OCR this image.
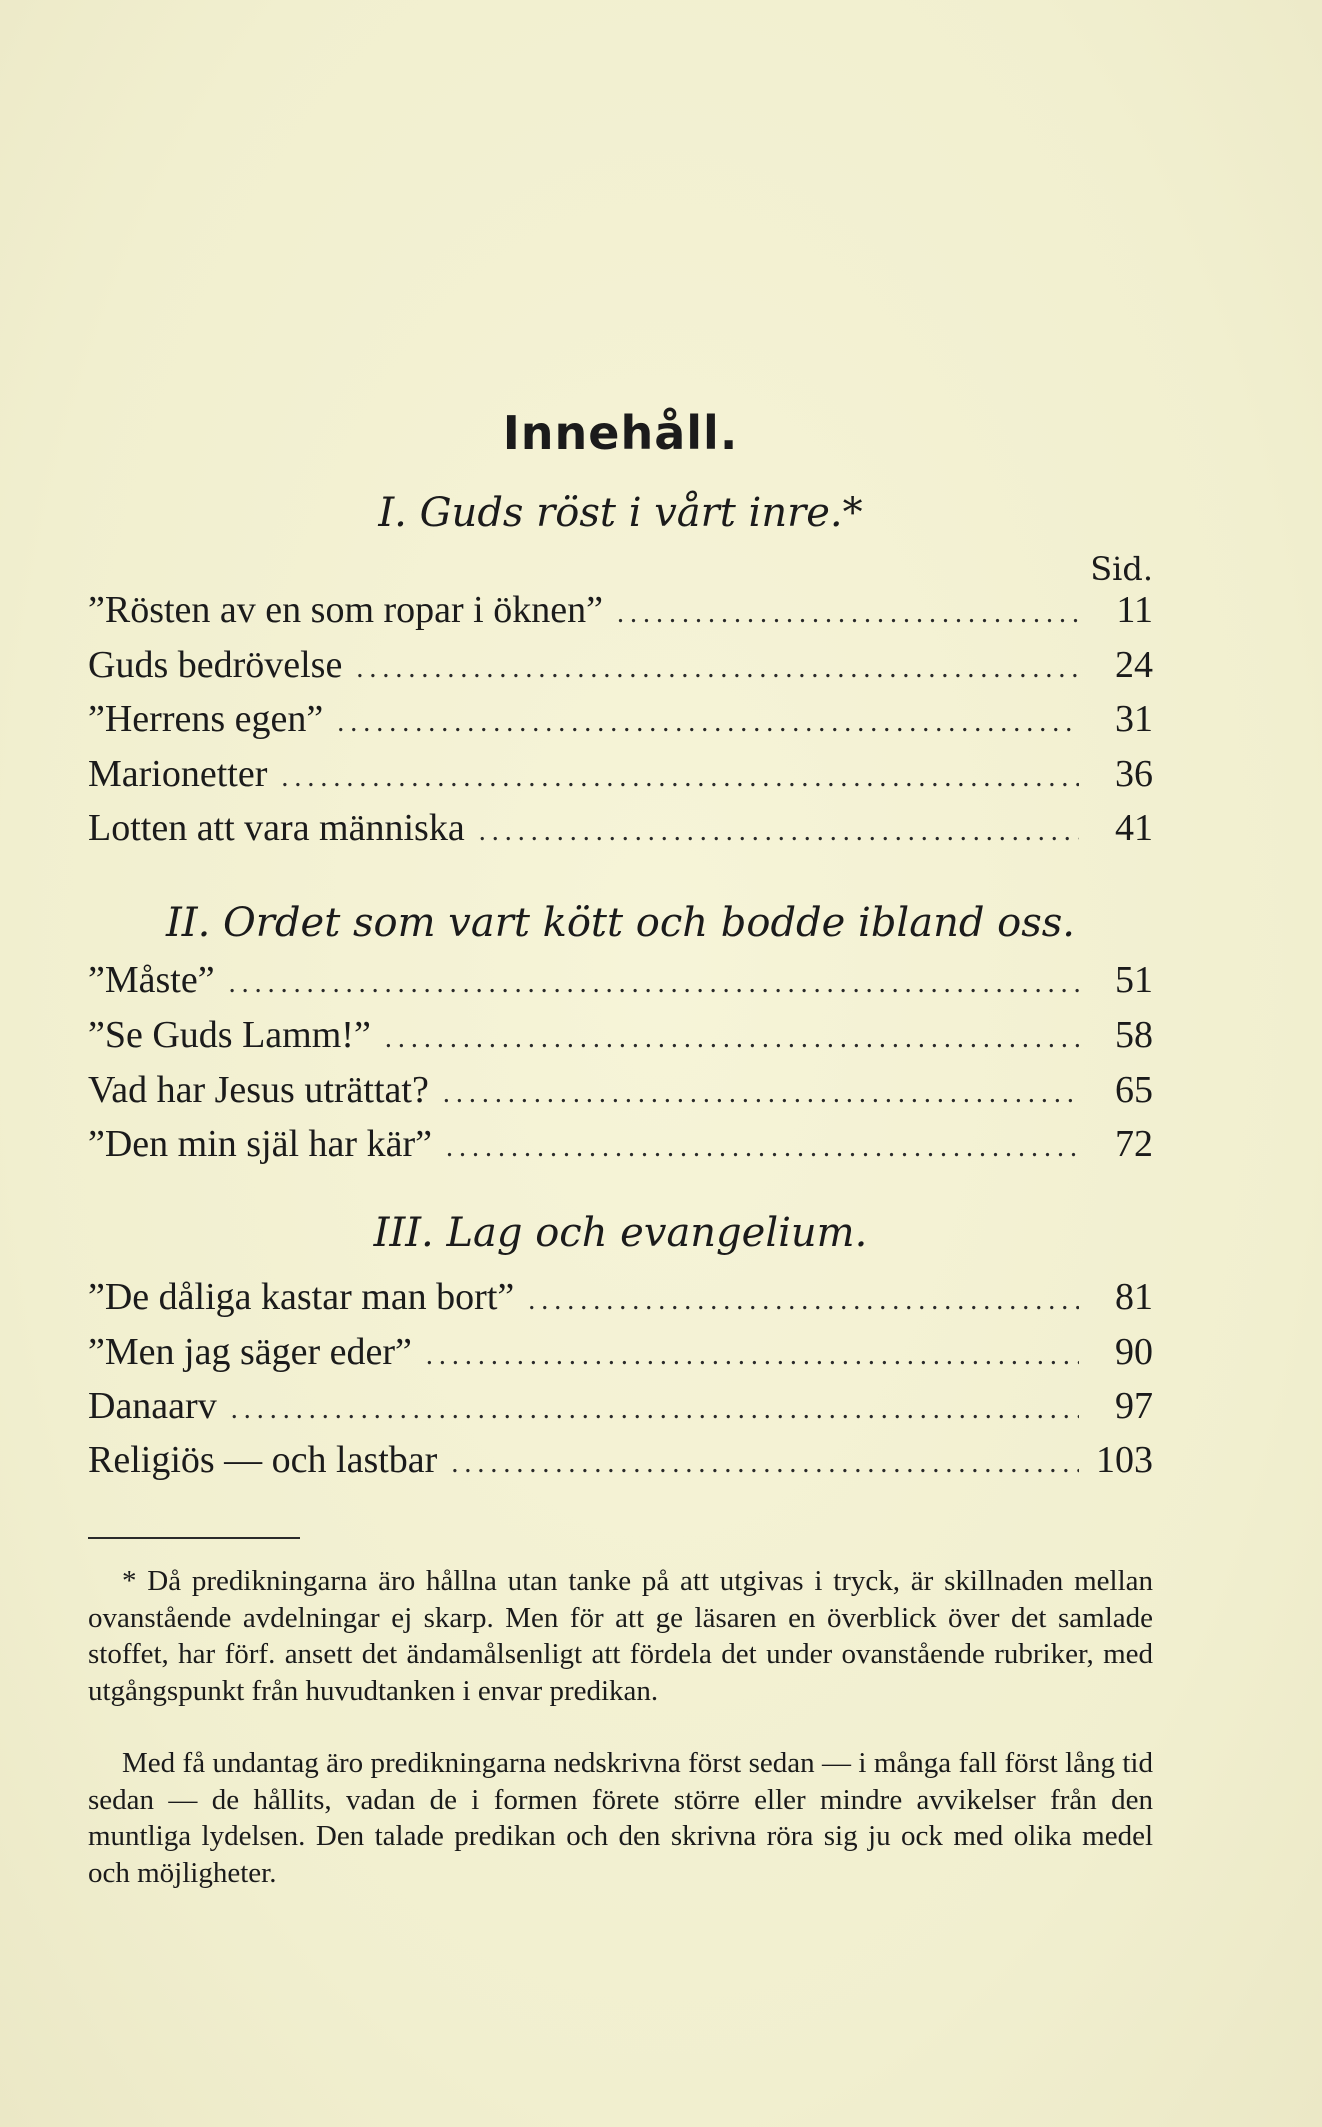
Innehåll.
I. Guds röst i vårt inre.*
Sid.
”Rösten av en som ropar i öknen” .....	11
Guds bedrövelse .....	24
”Herrens egen” .....	31
Marionetter .....	36
Lotten att vara människa .....	41
II. Ordet som vart kött och bodde ibland oss.
”Måste” .....	51
”Se Guds Lamm!” .....	58
Vad har Jesus uträttat? .....	65
”Den min själ har kär” .....	72
III. Lag och evangelium.
”De dåliga kastar man bort” .....	81
”Men jag säger eder” .....	90
Danaarv .....	97
Religiös — och lastbar .....	103

* Då predikningarna äro hållna utan tanke på att utgivas i tryck, är skillnaden mellan ovanstående avdelningar ej skarp. Men för att ge läsaren en överblick över det samlade stoffet, har förf. ansett det ändamålsenligt att fördela det under ovanstående rubriker, med utgångspunkt från huvudtanken i envar predikan.

Med få undantag äro predikningarna nedskrivna först sedan — i många fall först lång tid sedan — de hållits, vadan de i formen förete större eller mindre avvikelser från den muntliga lydelsen. Den talade predikan och den skrivna röra sig ju ock med olika medel och möjligheter.
